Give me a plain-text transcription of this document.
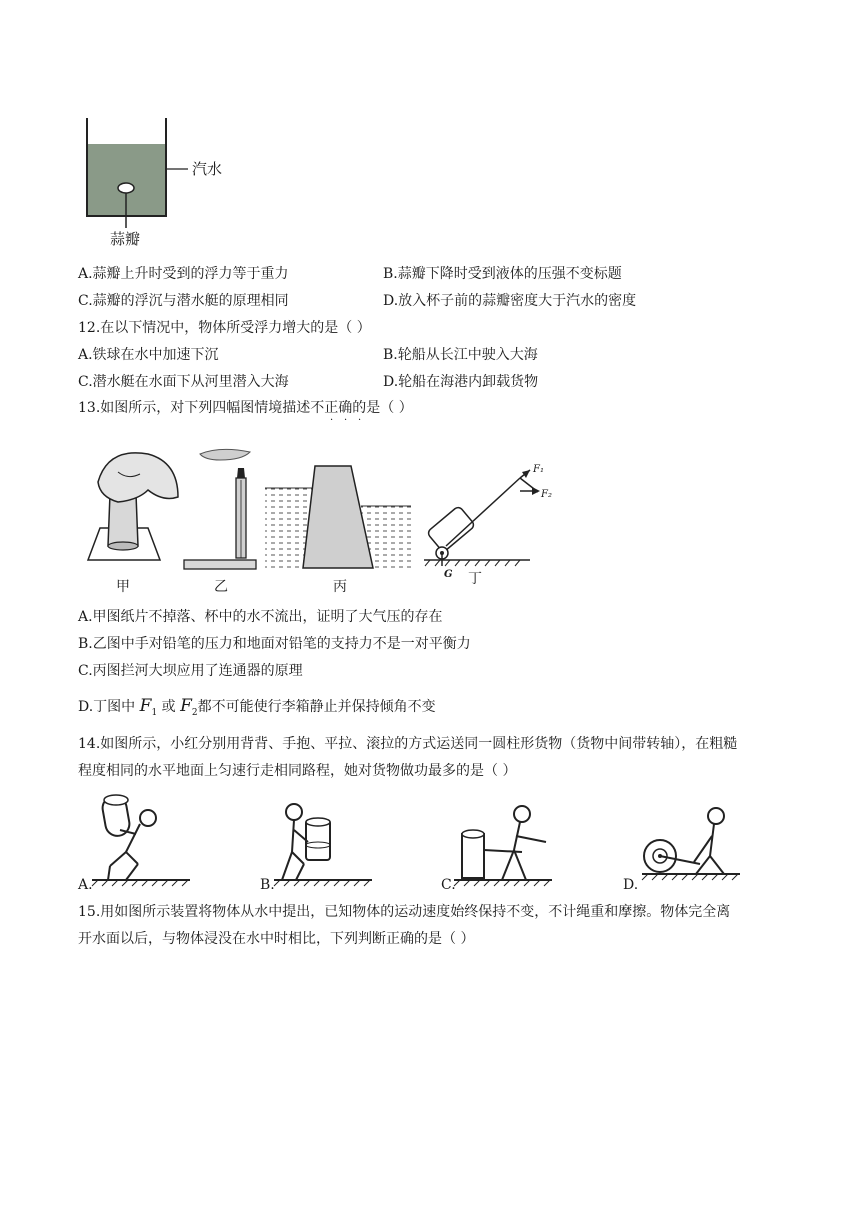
汽水
蒜瓣
A.蒜瓣上升时受到的浮力等于重力	B.蒜瓣下降时受到液体的压强不变标题
C.蒜瓣的浮沉与潜水艇的原理相同	D.放入杯子前的蒜瓣密度大于汽水的密度
12.在以下情况中，物体所受浮力增大的是（ ）
A.铁球在水中加速下沉	B.轮船从长江中驶入大海
C.潜水艇在水面下从河里潜入大海	D.轮船在海港内卸载货物
13.如图所示，对下列四幅图情境描述不正确的是（ ）
· · ·
F₁
F₂
G
甲	乙	丙	丁
A.甲图纸片不掉落、杯中的水不流出，证明了大气压的存在
B.乙图中手对铅笔的压力和地面对铅笔的支持力不是一对平衡力
C.丙图拦河大坝应用了连通器的原理
D.丁图中 $F_1$ 或 $F_2$都不可能使行李箱静止并保持倾角不变
14.如图所示，小红分别用背背、手抱、平拉、滚拉的方式运送同一圆柱形货物（货物中间带转轴），在粗糙
程度相同的水平地面上匀速行走相同路程，她对货物做功最多的是（ ）
A.	B.	C.	D.
15.用如图所示装置将物体从水中提出，已知物体的运动速度始终保持不变，不计绳重和摩擦。物体完全离
开水面以后，与物体浸没在水中时相比，下列判断正确的是（ ）
